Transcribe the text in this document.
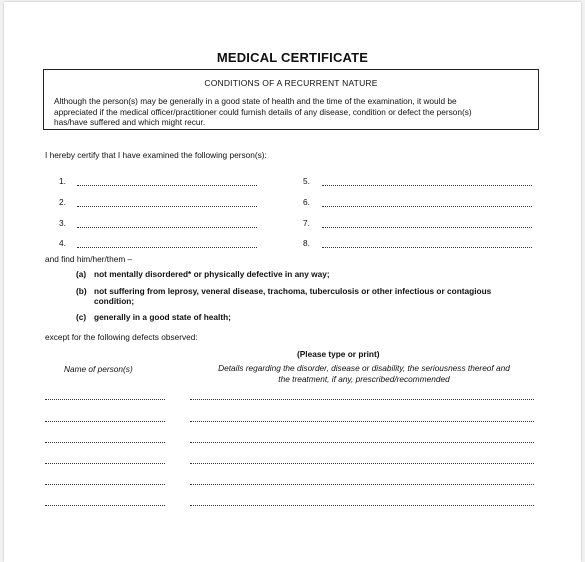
MEDICAL CERTIFICATE
CONDITIONS OF A RECURRENT NATURE
Although the person(s) may be generally in a good state of health and the time of the examination, it would be
appreciated if the medical officer/practitioner could furnish details of any disease, condition or defect the person(s)
has/have suffered and which might recur.
I hereby certify that I have examined the following person(s):
1.	5.
2.	6.
3.	7.
4.	8.
and find him/her/them –
(a) not mentally disordered* or physically defective in any way;
(b) not suffering from leprosy, veneral disease, trachoma, tuberculosis or other infectious or contagious
condition;
(c) generally in a good state of health;
except for the following defects observed:
(Please type or print)
Name of person(s)	Details regarding the disorder, disease or disability, the seriousness thereof and
the treatment, if any, prescribed/recommended
